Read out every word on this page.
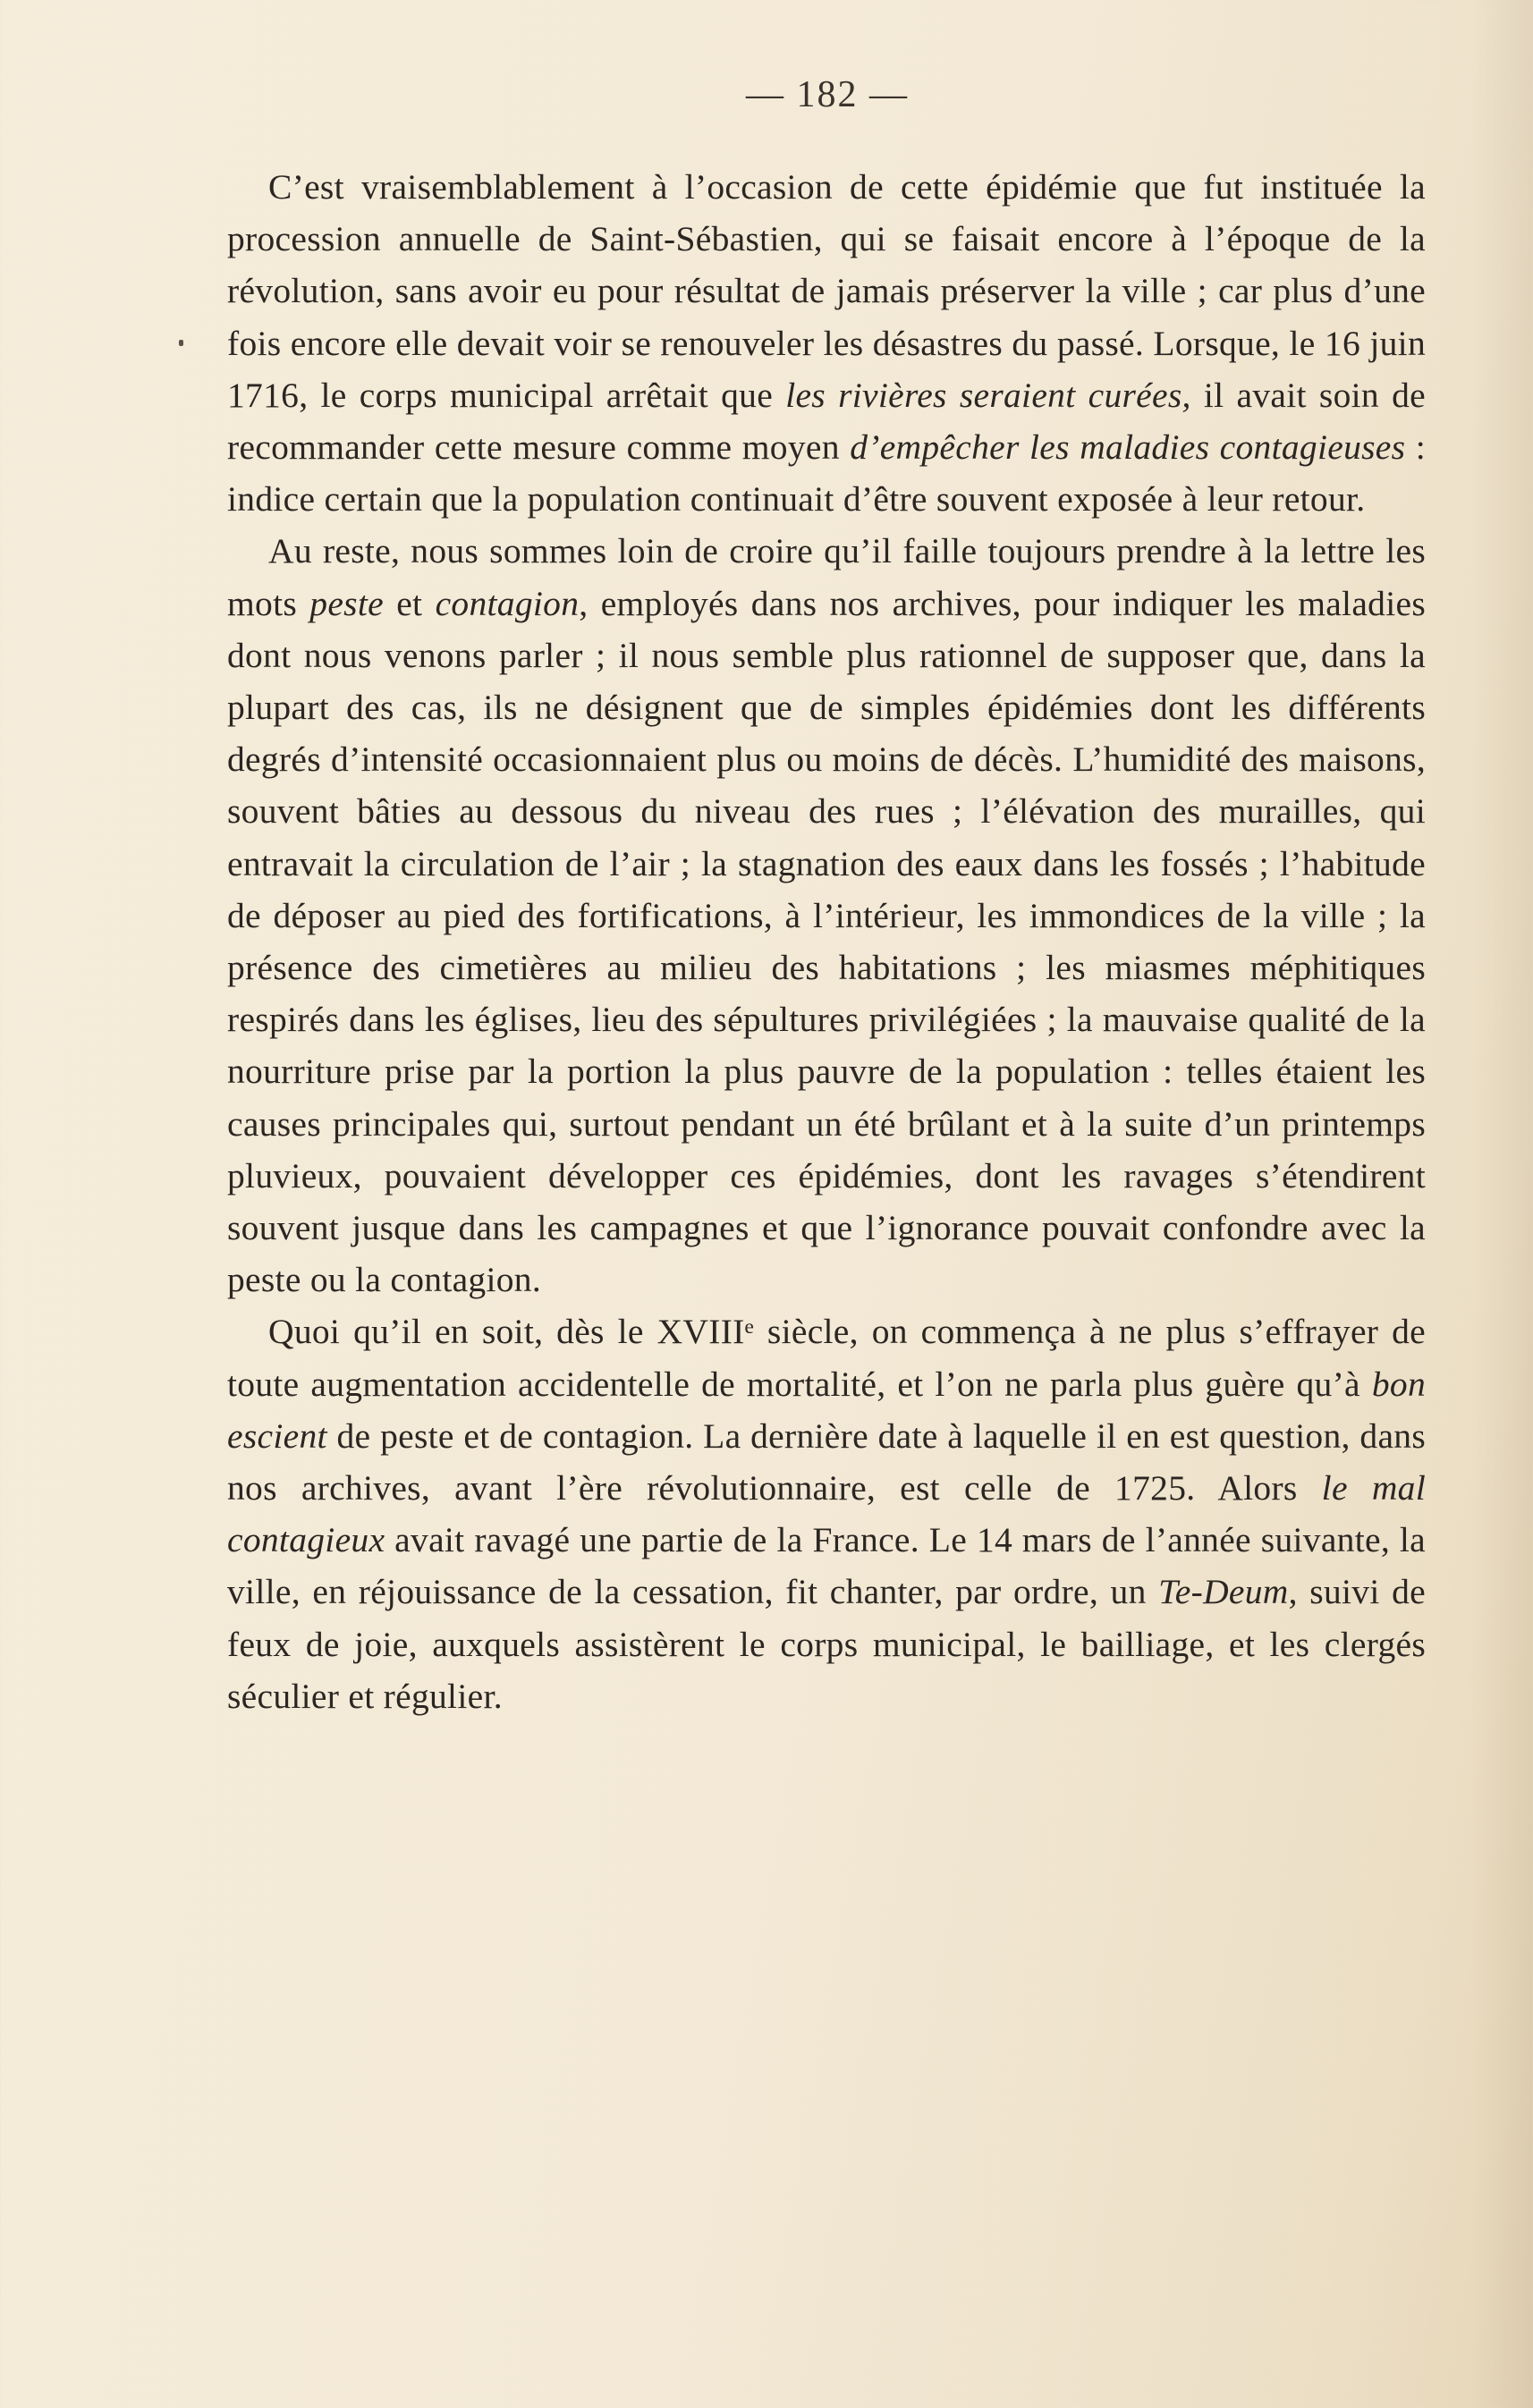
— 182 —

C’est vraisemblablement à l’occasion de cette épidémie que fut instituée la procession annuelle de Saint-Sébastien, qui se faisait encore à l’époque de la révolution, sans avoir eu pour résultat de jamais préserver la ville ; car plus d’une fois encore elle devait voir se renouveler les désastres du passé. Lorsque, le 16 juin 1716, le corps municipal arrêtait que les rivières seraient curées, il avait soin de recommander cette mesure comme moyen d’empêcher les maladies contagieuses : indice certain que la population continuait d’être souvent exposée à leur retour.

Au reste, nous sommes loin de croire qu’il faille toujours prendre à la lettre les mots peste et contagion, employés dans nos archives, pour indiquer les maladies dont nous venons parler ; il nous semble plus rationnel de supposer que, dans la plupart des cas, ils ne désignent que de simples épidémies dont les différents degrés d’intensité occasionnaient plus ou moins de décès. L’humidité des maisons, souvent bâties au dessous du niveau des rues ; l’élévation des murailles, qui entravait la circulation de l’air ; la stagnation des eaux dans les fossés ; l’habitude de déposer au pied des fortifications, à l’intérieur, les immondices de la ville ; la présence des cimetières au milieu des habitations ; les miasmes méphitiques respirés dans les églises, lieu des sépultures privilégiées ; la mauvaise qualité de la nourriture prise par la portion la plus pauvre de la population : telles étaient les causes principales qui, surtout pendant un été brûlant et à la suite d’un printemps pluvieux, pouvaient développer ces épidémies, dont les ravages s’étendirent souvent jusque dans les campagnes et que l’ignorance pouvait confondre avec la peste ou la contagion.

Quoi qu’il en soit, dès le XVIIIᵉ siècle, on commença à ne plus s’effrayer de toute augmentation accidentelle de mortalité, et l’on ne parla plus guère qu’à bon escient de peste et de contagion. La dernière date à laquelle il en est question, dans nos archives, avant l’ère révolutionnaire, est celle de 1725. Alors le mal contagieux avait ravagé une partie de la France. Le 14 mars de l’année suivante, la ville, en réjouissance de la cessation, fit chanter, par ordre, un Te-Deum, suivi de feux de joie, auxquels assistèrent le corps municipal, le bailliage, et les clergés séculier et régulier.
